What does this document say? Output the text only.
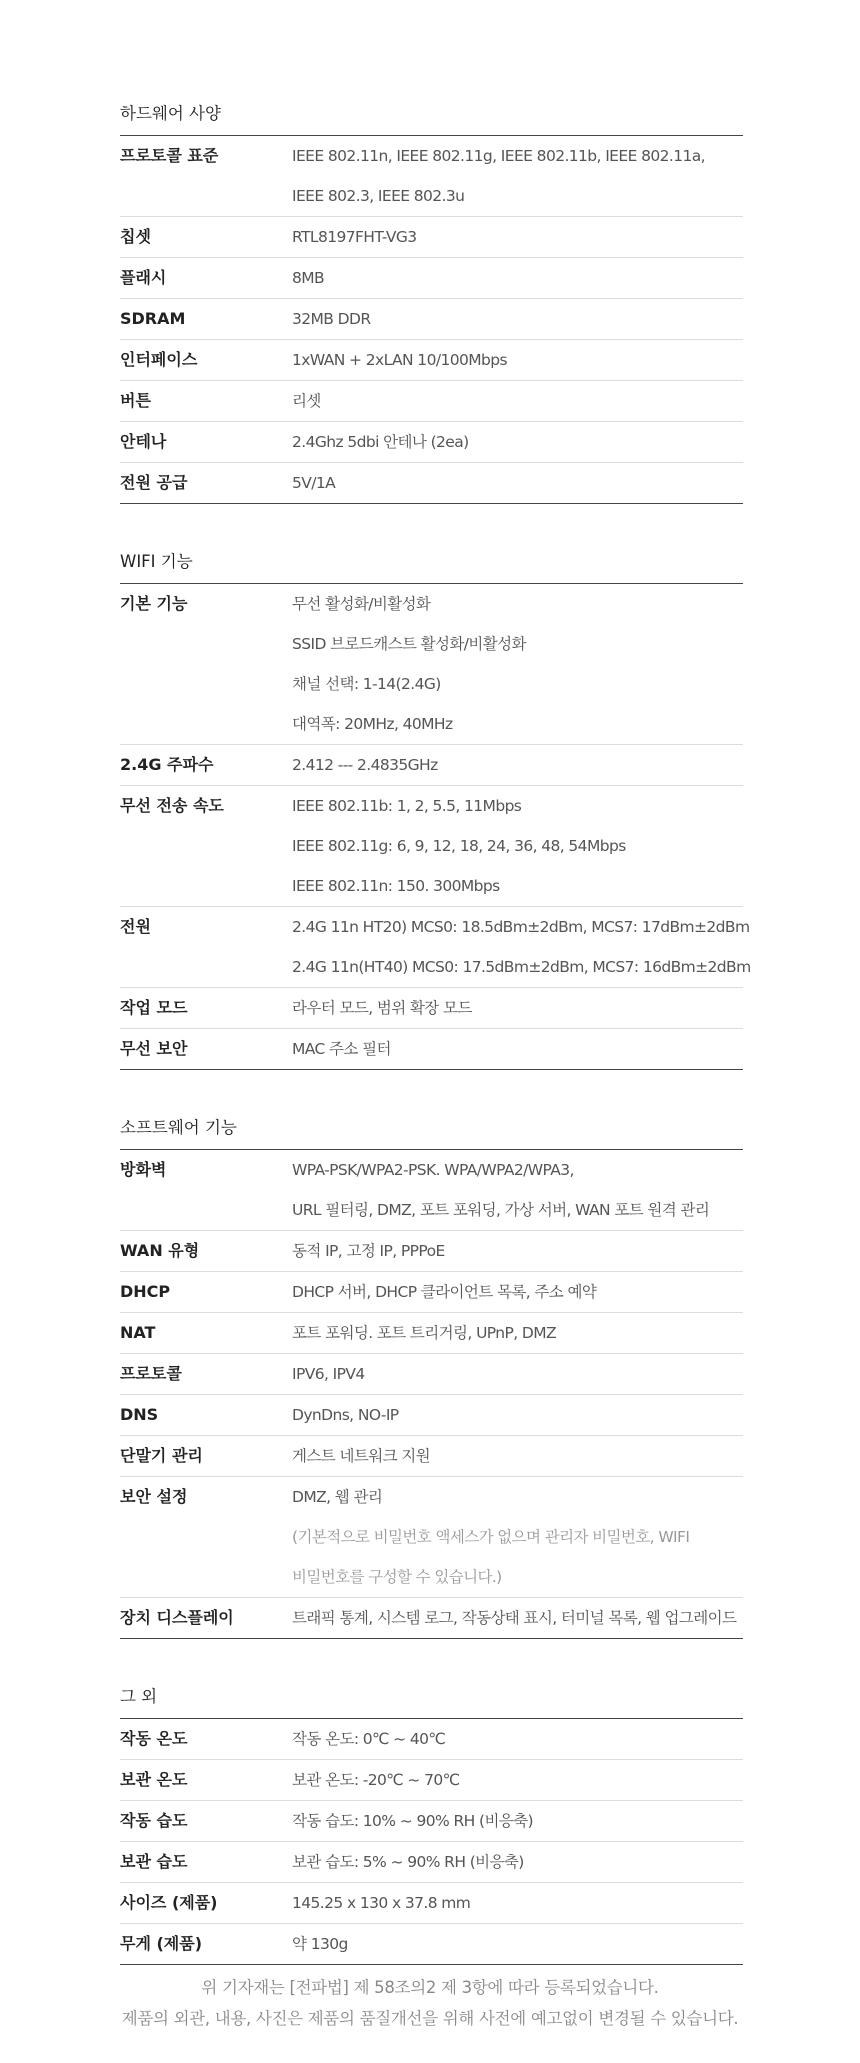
하드웨어 사양
프로토콜 표준	IEEE 802.11n, IEEE 802.11g, IEEE 802.11b, IEEE 802.11a,
IEEE 802.3, IEEE 802.3u
칩셋	RTL8197FHT-VG3
플래시	8MB
SDRAM	32MB DDR
인터페이스	1xWAN + 2xLAN 10/100Mbps
버튼	리셋
안테나	2.4Ghz 5dbi 안테나 (2ea)
전원 공급	5V/1A
WIFI 기능
기본 기능	무선 활성화/비활성화
SSID 브로드캐스트 활성화/비활성화
채널 선택: 1-14(2.4G)
대역폭: 20MHz, 40MHz
2.4G 주파수	2.412 --- 2.4835GHz
무선 전송 속도	IEEE 802.11b: 1, 2, 5.5, 11Mbps
IEEE 802.11g: 6, 9, 12, 18, 24, 36, 48, 54Mbps
IEEE 802.11n: 150. 300Mbps
전원	2.4G 11n HT20) MCS0: 18.5dBm±2dBm, MCS7: 17dBm±2dBm
2.4G 11n(HT40) MCS0: 17.5dBm±2dBm, MCS7: 16dBm±2dBm
작업 모드	라우터 모드, 범위 확장 모드
무선 보안	MAC 주소 필터
소프트웨어 기능
방화벽	WPA-PSK/WPA2-PSK. WPA/WPA2/WPA3,
URL 필터링, DMZ, 포트 포워딩, 가상 서버, WAN 포트 원격 관리
WAN 유형	동적 IP, 고정 IP, PPPoE
DHCP	DHCP 서버, DHCP 클라이언트 목록, 주소 예약
NAT	포트 포워딩. 포트 트리거링, UPnP, DMZ
프로토콜	IPV6, IPV4
DNS	DynDns, NO-IP
단말기 관리	게스트 네트워크 지원
보안 설정	DMZ, 웹 관리
(기본적으로 비밀번호 액세스가 없으며 관리자 비밀번호, WIFI
비밀번호를 구성할 수 있습니다.)
장치 디스플레이	트래픽 통계, 시스템 로그, 작동상태 표시, 터미널 목록, 웹 업그레이드
그 외
작동 온도	작동 온도: 0℃ ~ 40℃
보관 온도	보관 온도: -20℃ ~ 70℃
작동 습도	작동 습도: 10% ~ 90% RH (비응축)
보관 습도	보관 습도: 5% ~ 90% RH (비응축)
사이즈 (제품)	145.25 x 130 x 37.8 mm
무게 (제품)	약 130g
위 기자재는 [전파법] 제 58조의2 제 3항에 따라 등록되었습니다.
제품의 외관, 내용, 사진은 제품의 품질개선을 위해 사전에 예고없이 변경될 수 있습니다.
